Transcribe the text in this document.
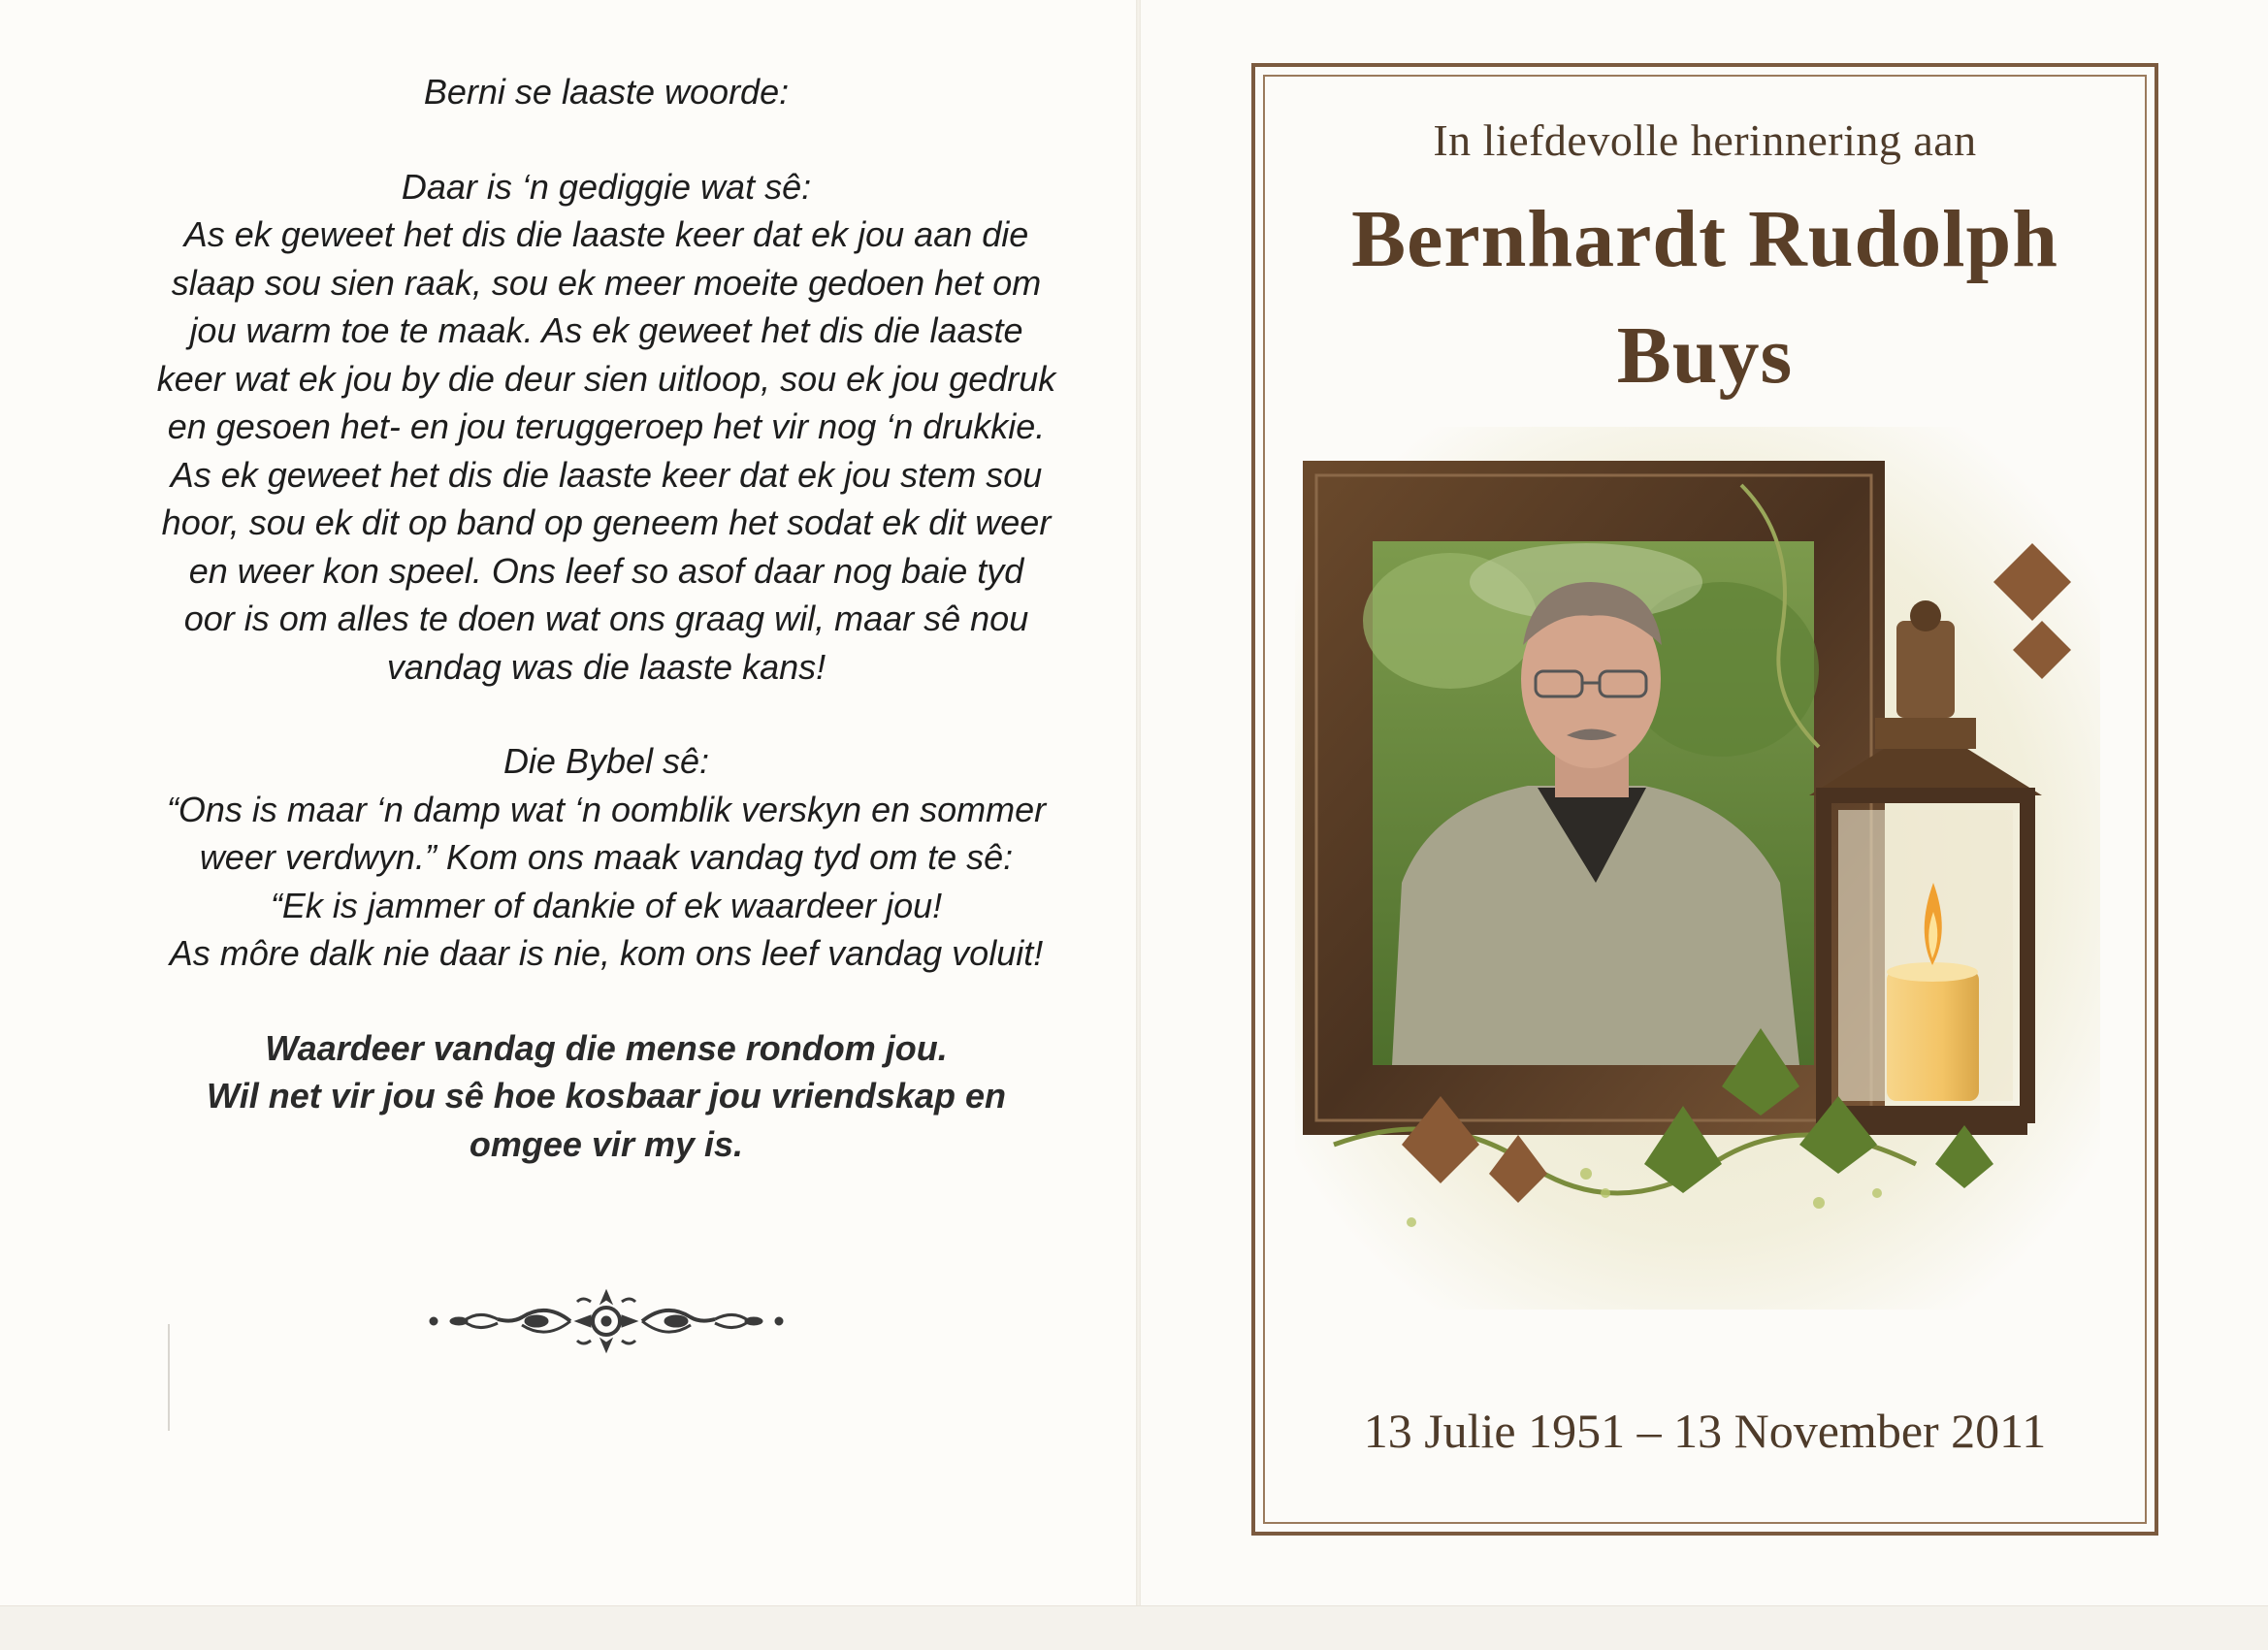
Berni se laaste woorde:

Daar is ‘n gediggie wat sê:

As ek geweet het dis die laaste keer dat ek jou aan die

slaap sou sien raak, sou ek meer moeite gedoen het om

jou warm toe te maak. As ek geweet het dis die laaste

keer wat ek jou by die deur sien uitloop, sou ek jou gedruk

en gesoen het- en jou teruggeroep het vir nog ‘n drukkie.

As ek geweet het dis die laaste keer dat ek jou stem sou

hoor, sou ek dit op band op geneem het sodat ek dit weer

en weer kon speel. Ons leef so asof daar nog baie tyd

oor is om alles te doen wat ons graag wil, maar sê nou

vandag was die laaste kans!

Die Bybel sê:

“Ons is maar ‘n damp wat ‘n oomblik verskyn en sommer

weer verdwyn.” Kom ons maak vandag tyd om te sê:

“Ek is jammer of dankie of ek waardeer jou!

As môre dalk nie daar is nie, kom ons leef vandag voluit!

Waardeer vandag die mense rondom jou.

Wil net vir jou sê hoe kosbaar jou vriendskap en

omgee vir my is.

In liefdevolle herinnering aan
Bernhardt Rudolph
Buys
13 Julie 1951 – 13 November 2011
